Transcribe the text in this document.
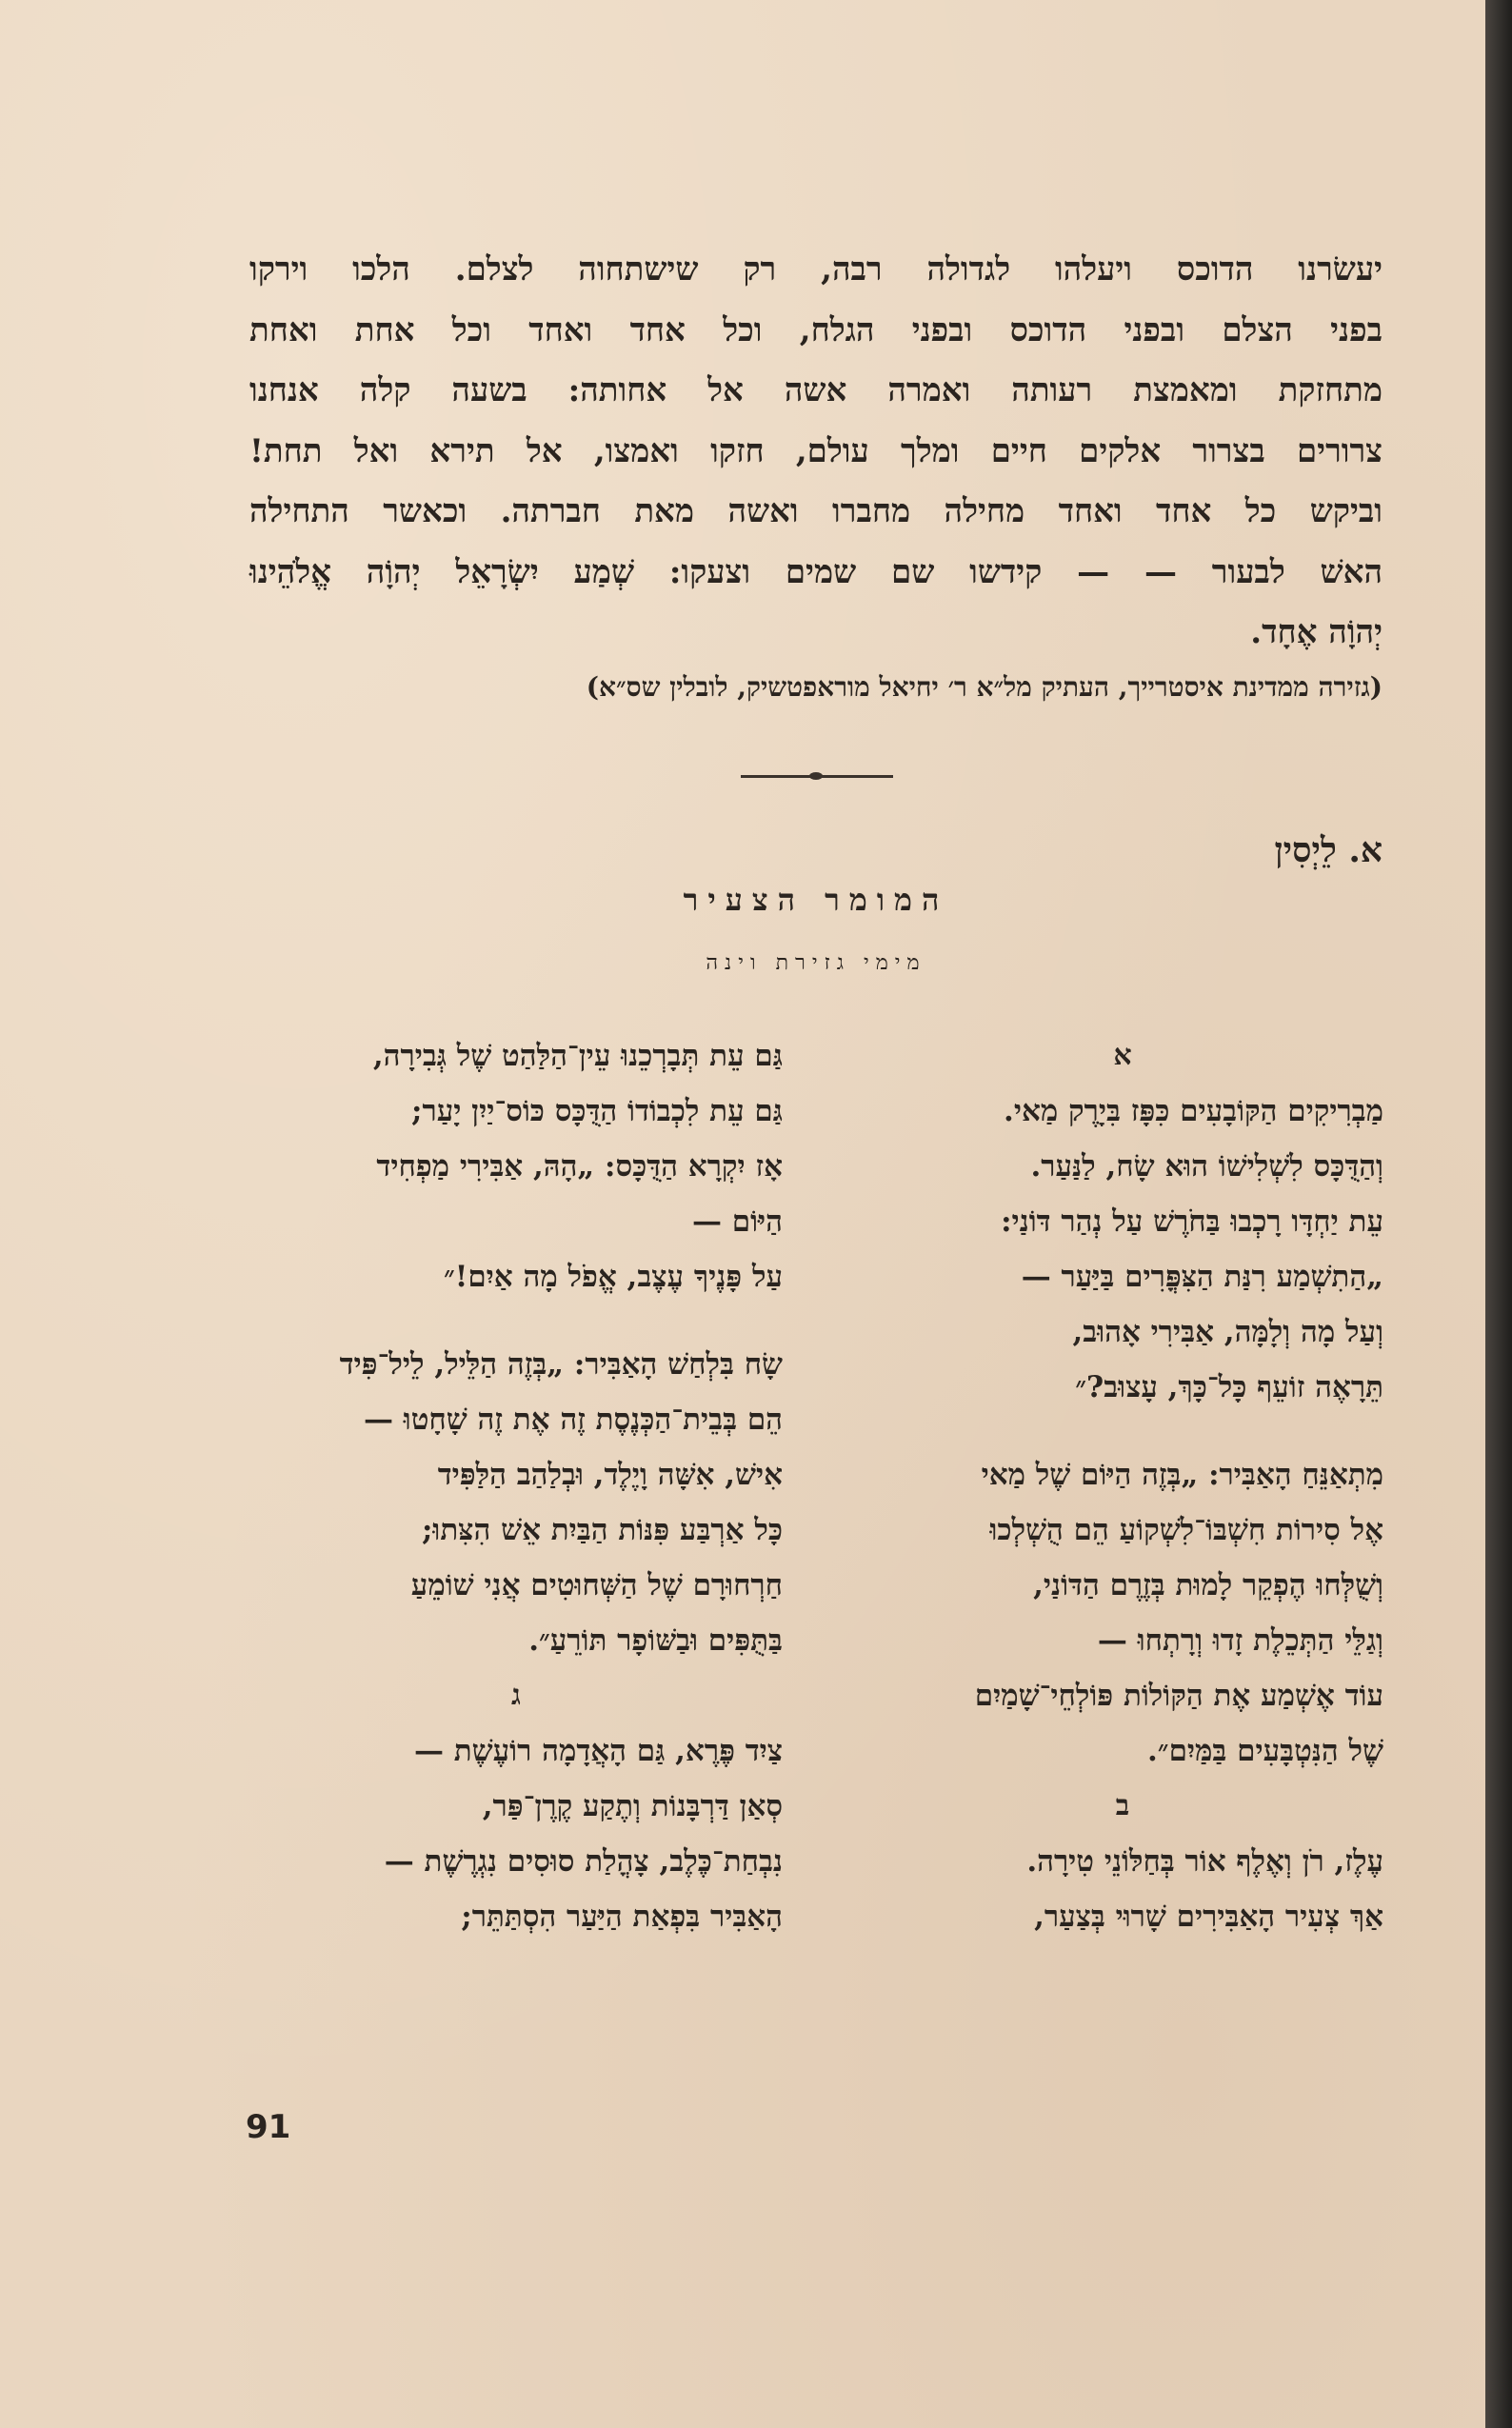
יעשׂרנו הדוכס ויעלהו לגדולה רבה, רק שישתחוה לצלם. הלכו וירקו
בפני הצלם ובפני הדוכס ובפני הגלח, וכל אחד ואחד וכל אחת ואחת
מתחזקת ומאמצת רעותה ואמרה אשה אל אחותה: בשעה קלה אנחנו
צרורים בצרור אלקים חיים ומלך עולם, חזקו ואמצו, אל תירא ואל תחת!
וביקש כל אחד ואחד מחילה מחברו ואשה מאת חברתה. וכאשר התחילה
האשׁ לבעור — — קידשו שם שמים וצעקו: שְׁמַע יִשְׂרָאֵל יְהוָֹה אֱלֹהֵינוּ
יְהוָֹה אֶחָד.
(גזירה ממדינת איסטרייך, העתיק מל״א ר׳ יחיאל מוראפטשיק, לובלין שס״א)
א. לֵיְסִין
המומר הצעיר
מימי גזירת וינה
א
מַבְרִיקִים הַקּוֹבָעִים כִּפָּז בִּיָרֶק מַאי.
וְהַדֻּכָּס לִשְׁלִישׁוֹ הוּא שָׂח, לַנַּעַר.
עֵת יַחְדָּו רָכְבוּ בַּחֹרֶשׁ עַל נְהַר דּוֹנַי:
„הַתִשְׁמַע רִנַּת הַצִּפֳּרִים בַּיַּעַר —
וְעַל מָה וְלָמָּה, אַבִּירִי אָהוּב,
תֵּרָאֶה זוֹעֵף כָּל־כָּךְ, עָצוּב?״
מִתְאַנֵּחַ הָאַבִּיר: „בְּזֶה הַיּוֹם שֶׁל מַאי
אֶל סִירוֹת חִשְׁבּוֹ־לִשְׁקוֹעַ הֵם הֻשְׁלְכוּ
וְשֻׁלְּחוּ הֶפְקֵר לָמוּת בְּזֶרֶם הַדּוֹנַי,
וְגַלֵּי הַתְּכֵלֶת זָדוּ וְרָתְחוּ —
עוֹד אֶשְׁמַע אֶת הַקּוֹלוֹת פּוֹלְחֵי־שָׁמַיִם
שֶׁל הַנִּטְבָּעִים בַּמַּיִם״.
ב
עֶלֶז, רֹן וְאֶלֶף אוֹר בְּחַלּוֹנֵי טִירָה.
אַךְ צְעִיר הָאַבִּירִים שָׁרוּי בְּצַעַר,
גַּם עֵת תְּבָרְכֵנוּ עֵין־הַלַּהַט שֶׁל גְּבִירָה,
גַּם עֵת לִכְבוֹדוֹ הַדֻּכָּס כּוֹס־יַיִן יָעַר;
אָז יִקְרָא הַדֻּכָּס: „הָהּ, אַבִּירִי מַפְחִיד
הַיּוֹם —
עַל פָּנֶיךָ עֶצֶב, אֱפֹל מָה אַיִם!״
שָׂח בִּלְחַשׁ הָאַבִּיר: „בְּזֶה הַלֵּיל, לֵיל־פִּיד
הֵם בְּבֵית־הַכְּנֶסֶת זֶה אֶת זֶה שָׁחָטוּ —
אִישׁ, אִשָּׁה וָיֶלֶד, וּבְלַהַב הַלַּפִּיד
כָּל אַרְבַּע פִּנּוֹת הַבַּיִת אֵשׁ הִצִּתוּ;
חַרְחוּרָם שֶׁל הַשְּׁחוּטִים אֲנִי שׁוֹמֵעַ
בַּתֻּפִּים וּבַשּׁוֹפָר תּוֹרֵעַ״.
ג
צַיִד פֶּרֶא, גַּם הָאֲדָמָה רוֹעֶשֶׁת —
סְאַן דַּרְבָּנוֹת וְתֶקַע קֶרֶן־פַּר,
נִבְחַת־כֶּלֶב, צָהֳלַת סוּסִים נִגְרֶשֶׁת —
הָאַבִּיר בִּפְאַת הַיַּעַר הִסְתַּתֵּר;
91
